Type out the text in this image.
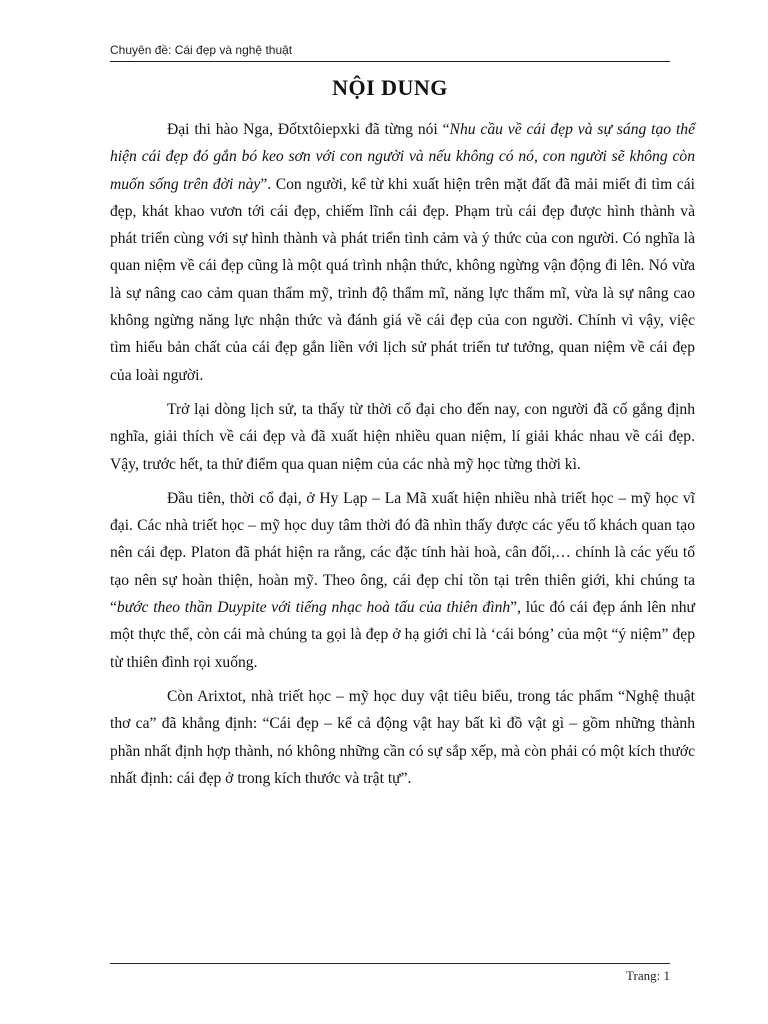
Chuyên đề: Cái đẹp và nghệ thuật
NỘI DUNG

Đại thi hào Nga, Đốtxtôiepxki đã từng nói “Nhu cầu về cái đẹp và sự sáng tạo thể hiện cái đẹp đó gắn bó keo sơn với con người và nếu không có nó, con người sẽ không còn muốn sống trên đời này”. Con người, kể từ khi xuất hiện trên mặt đất đã mải miết đi tìm cái đẹp, khát khao vươn tới cái đẹp, chiếm lĩnh cái đẹp. Phạm trù cái đẹp được hình thành và phát triển cùng với sự hình thành và phát triển tình cảm và ý thức của con người. Có nghĩa là quan niệm về cái đẹp cũng là một quá trình nhận thức, không ngừng vận động đi lên. Nó vừa là sự nâng cao cảm quan thẩm mỹ, trình độ thẩm mĩ, năng lực thẩm mĩ, vừa là sự nâng cao không ngừng năng lực nhận thức và đánh giá về cái đẹp của con người. Chính vì vậy, việc tìm hiểu bản chất của cái đẹp gắn liền với lịch sử phát triển tư tưởng, quan niệm về cái đẹp của loài người.

Trở lại dòng lịch sử, ta thấy từ thời cổ đại cho đến nay, con người đã cố gắng định nghĩa, giải thích về cái đẹp và đã xuất hiện nhiều quan niệm, lí giải khác nhau về cái đẹp. Vậy, trước hết, ta thử điểm qua quan niệm của các nhà mỹ học từng thời kì.

Đầu tiên, thời cổ đại, ở Hy Lạp – La Mã xuất hiện nhiều nhà triết học – mỹ học vĩ đại. Các nhà triết học – mỹ học duy tâm thời đó đã nhìn thấy được các yếu tố khách quan tạo nên cái đẹp. Platon đã phát hiện ra rằng, các đặc tính hài hoà, cân đối,… chính là các yếu tố tạo nên sự hoàn thiện, hoàn mỹ. Theo ông, cái đẹp chỉ tồn tại trên thiên giới, khi chúng ta “bước theo thần Duypite với tiếng nhạc hoà tấu của thiên đình”, lúc đó cái đẹp ánh lên như một thực thể, còn cái mà chúng ta gọi là đẹp ở hạ giới chỉ là ‘cái bóng’ của một “ý niệm” đẹp từ thiên đình rọi xuống.

Còn Arixtot, nhà triết học – mỹ học duy vật tiêu biểu, trong tác phẩm “Nghệ thuật thơ ca” đã khẳng định: “Cái đẹp – kể cả động vật hay bất kì đồ vật gì – gồm những thành phần nhất định hợp thành, nó không những cần có sự sắp xếp, mà còn phải có một kích thước nhất định: cái đẹp ở trong kích thước và trật tự”.

Trang: 1
